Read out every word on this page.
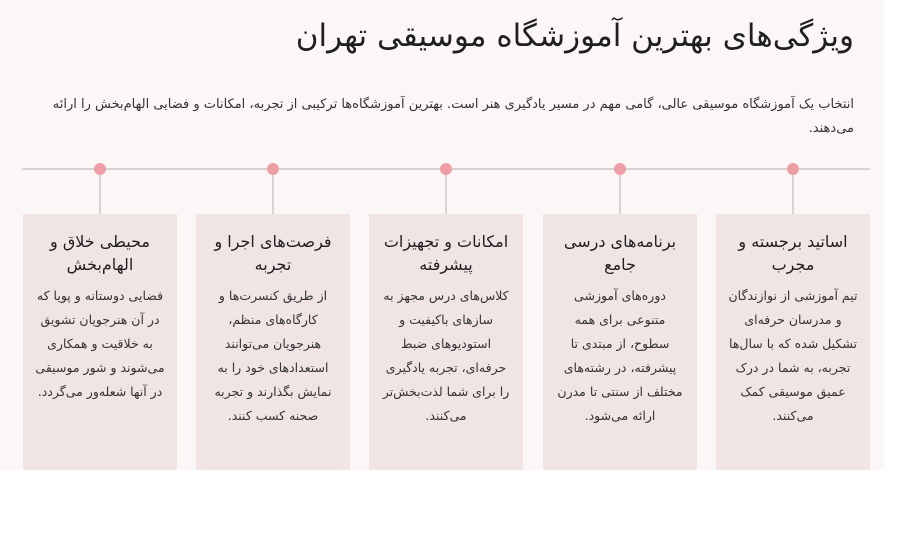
ویژگی‌های بهترین آموزشگاه موسیقی تهران

انتخاب یک آموزشگاه موسیقی عالی، گامی مهم در مسیر یادگیری هنر است. بهترین آموزشگاه‌ها ترکیبی از تجربه، امکانات و فضایی الهام‌بخش را ارائه می‌دهند.

اساتید برجسته و مجرب

تیم آموزشی از نوازندگان و مدرسان حرفه‌ای تشکیل شده که با سال‌ها تجربه، به شما در درک عمیق موسیقی کمک می‌کنند.

برنامه‌های درسی جامع

دوره‌های آموزشی متنوعی برای همه سطوح، از مبتدی تا پیشرفته، در رشته‌های مختلف از سنتی تا مدرن ارائه می‌شود.

امکانات و تجهیزات پیشرفته

کلاس‌های درس مجهز به سازهای باکیفیت و استودیوهای ضبط حرفه‌ای، تجربه یادگیری را برای شما لذت‌بخش‌تر می‌کنند.

فرصت‌های اجرا و تجربه

از طریق کنسرت‌ها و کارگاه‌های منظم، هنرجویان می‌توانند استعدادهای خود را به نمایش بگذارند و تجربه صحنه کسب کنند.

محیطی خلاق و الهام‌بخش

فضایی دوستانه و پویا که در آن هنرجویان تشویق به خلاقیت و همکاری می‌شوند و شور موسیقی در آنها شعله‌ور می‌گردد.
